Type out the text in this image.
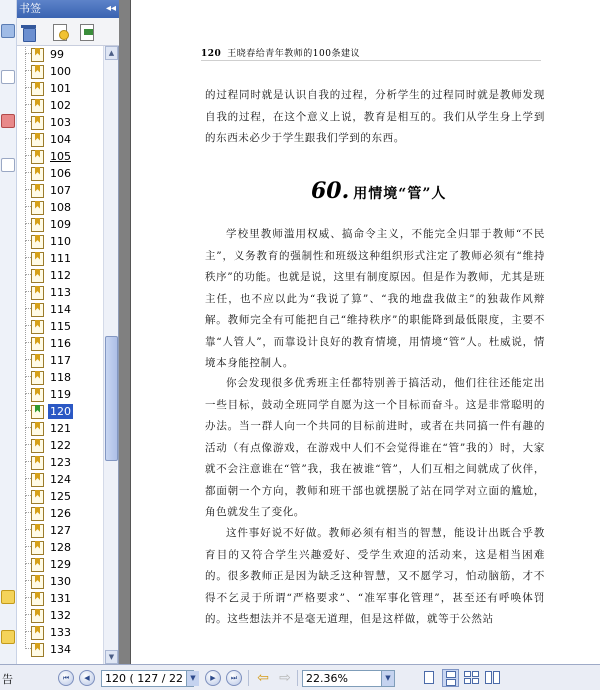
书签	◂◂
99
100
101
102
103
104
105
106
107
108
109
110
111
112
113
114
115
116
117
118
119
120
121
122
123
124
125
126
127
128
129
130
131
132
133
134
▲
▼
120 王晓春给青年教师的100条建议

的过程同时就是认识自我的过程，分析学生的过程同时就是教师发现自我的过程，在这个意义上说，教育是相互的。我们从学生身上学到的东西未必少于学生跟我们学到的东西。

60. 用情境“管”人

学校里教师滥用权威、搞命令主义，不能完全归罪于教师“不民主”，义务教育的强制性和班级这种组织形式注定了教师必须有“维持秩序”的功能。也就是说，这里有制度原因。但是作为教师，尤其是班主任，也不应以此为“我说了算”、“我的地盘我做主”的独裁作风辩解。教师完全有可能把自己“维持秩序”的职能降到最低限度，主要不靠“人管人”，而靠设计良好的教育情境，用情境“管”人。杜威说，情境本身能控制人。

你会发现很多优秀班主任都特别善于搞活动，他们往往还能定出一些目标，鼓动全班同学自愿为这一个目标而奋斗。这是非常聪明的办法。当一群人向一个共同的目标前进时，或者在共同搞一件有趣的活动（有点像游戏，在游戏中人们不会觉得谁在“管”我的）时，大家就不会注意谁在“管”我，我在被谁“管”，人们互相之间就成了伙伴，都面朝一个方向，教师和班干部也就摆脱了站在同学对立面的尴尬，角色就发生了变化。

这件事好说不好做。教师必须有相当的智慧，能设计出既合乎教育目的又符合学生兴趣爱好、受学生欢迎的活动来，这是相当困难的。很多教师正是因为缺乏这种智慧，又不愿学习，怕动脑筋，才不得不乞灵于所谓“严格要求”、“准军事化管理”，甚至还有呼唤体罚的。这些想法并不是毫无道理，但是这样做，就等于公然站

告	⏮	◀	120 ( 127 / 22	▼	▶	⏭	⇦ ⇨	22.36%	▼
